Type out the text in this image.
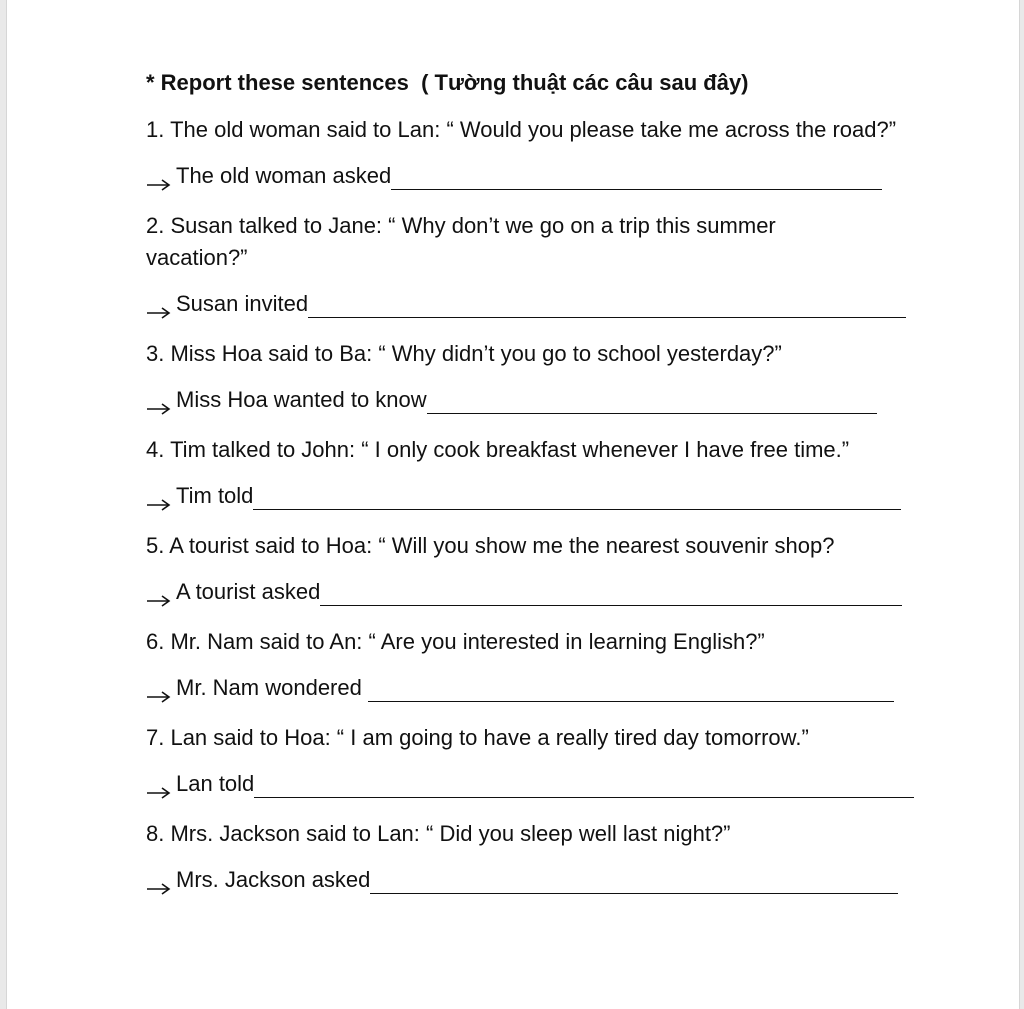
* Report these sentences  ( Tường thuật các câu sau đây)
1. The old woman said to Lan: “ Would you please take me across the road?”
The old woman asked
2. Susan talked to Jane: “ Why don’t we go on a trip this summer vacation?”
Susan invited
3. Miss Hoa said to Ba: “ Why didn’t you go to school yesterday?”
Miss Hoa wanted to know
4. Tim talked to John: “ I only cook breakfast whenever I have free time.”
Tim told
5. A tourist said to Hoa: “ Will you show me the nearest souvenir shop?
A tourist asked
6. Mr. Nam said to An: “ Are you interested in learning English?”
Mr. Nam wondered
7. Lan said to Hoa: “ I am going to have a really tired day tomorrow.”
Lan told
8. Mrs. Jackson said to Lan: “ Did you sleep well last night?”
Mrs. Jackson asked
